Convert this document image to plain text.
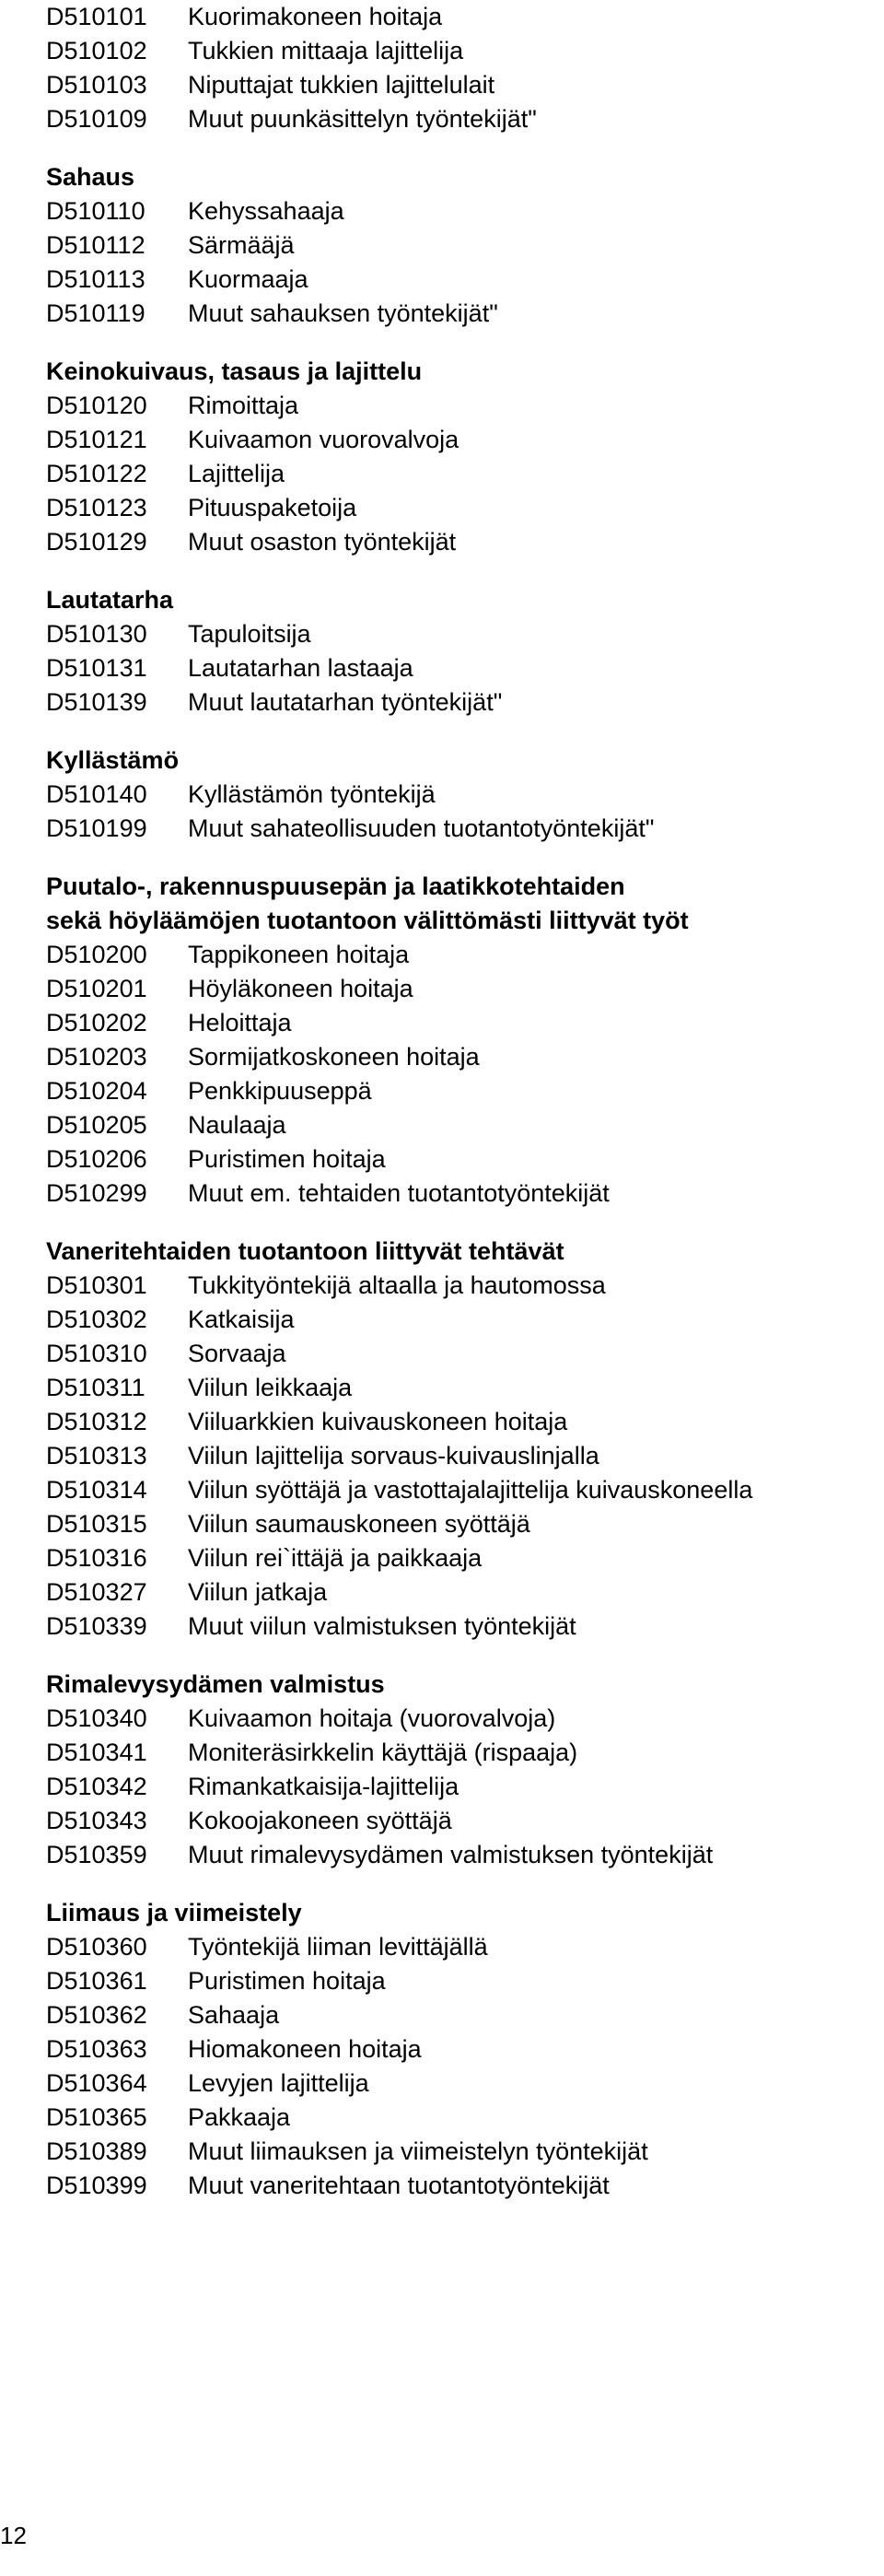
D510101	Kuorimakoneen hoitaja
D510102	Tukkien mittaaja lajittelija
D510103	Niputtajat tukkien lajittelulait
D510109	Muut puunkäsittelyn työntekijät"
Sahaus
D510110	Kehyssahaaja
D510112	Särmääjä
D510113	Kuormaaja
D510119	Muut sahauksen työntekijät"
Keinokuivaus, tasaus ja lajittelu
D510120	Rimoittaja
D510121	Kuivaamon vuorovalvoja
D510122	Lajittelija
D510123	Pituuspaketoija
D510129	Muut osaston työntekijät
Lautatarha
D510130	Tapuloitsija
D510131	Lautatarhan lastaaja
D510139	Muut lautatarhan työntekijät"
Kyllästämö
D510140	Kyllästämön työntekijä
D510199	Muut sahateollisuuden tuotantotyöntekijät"
Puutalo-, rakennuspuusepän ja laatikkotehtaiden
sekä höyläämöjen tuotantoon välittömästi liittyvät työt
D510200	Tappikoneen hoitaja
D510201	Höyläkoneen hoitaja
D510202	Heloittaja
D510203	Sormijatkoskoneen hoitaja
D510204	Penkkipuuseppä
D510205	Naulaaja
D510206	Puristimen hoitaja
D510299	Muut em. tehtaiden tuotantotyöntekijät
Vaneritehtaiden tuotantoon liittyvät tehtävät
D510301	Tukkityöntekijä altaalla ja hautomossa
D510302	Katkaisija
D510310	Sorvaaja
D510311	Viilun leikkaaja
D510312	Viiluarkkien kuivauskoneen hoitaja
D510313	Viilun lajittelija sorvaus-kuivauslinjalla
D510314	Viilun syöttäjä ja vastottajalajittelija kuivauskoneella
D510315	Viilun saumauskoneen syöttäjä
D510316	Viilun rei`ittäjä ja paikkaaja
D510327	Viilun jatkaja
D510339	Muut viilun valmistuksen työntekijät
Rimalevysydämen valmistus
D510340	Kuivaamon hoitaja (vuorovalvoja)
D510341	Moniteräsirkkelin käyttäjä (rispaaja)
D510342	Rimankatkaisija-lajittelija
D510343	Kokoojakoneen syöttäjä
D510359	Muut rimalevysydämen valmistuksen työntekijät
Liimaus ja viimeistely
D510360	Työntekijä liiman levittäjällä
D510361	Puristimen hoitaja
D510362	Sahaaja
D510363	Hiomakoneen hoitaja
D510364	Levyjen lajittelija
D510365	Pakkaaja
D510389	Muut liimauksen ja viimeistelyn työntekijät
D510399	Muut vaneritehtaan tuotantotyöntekijät
12
